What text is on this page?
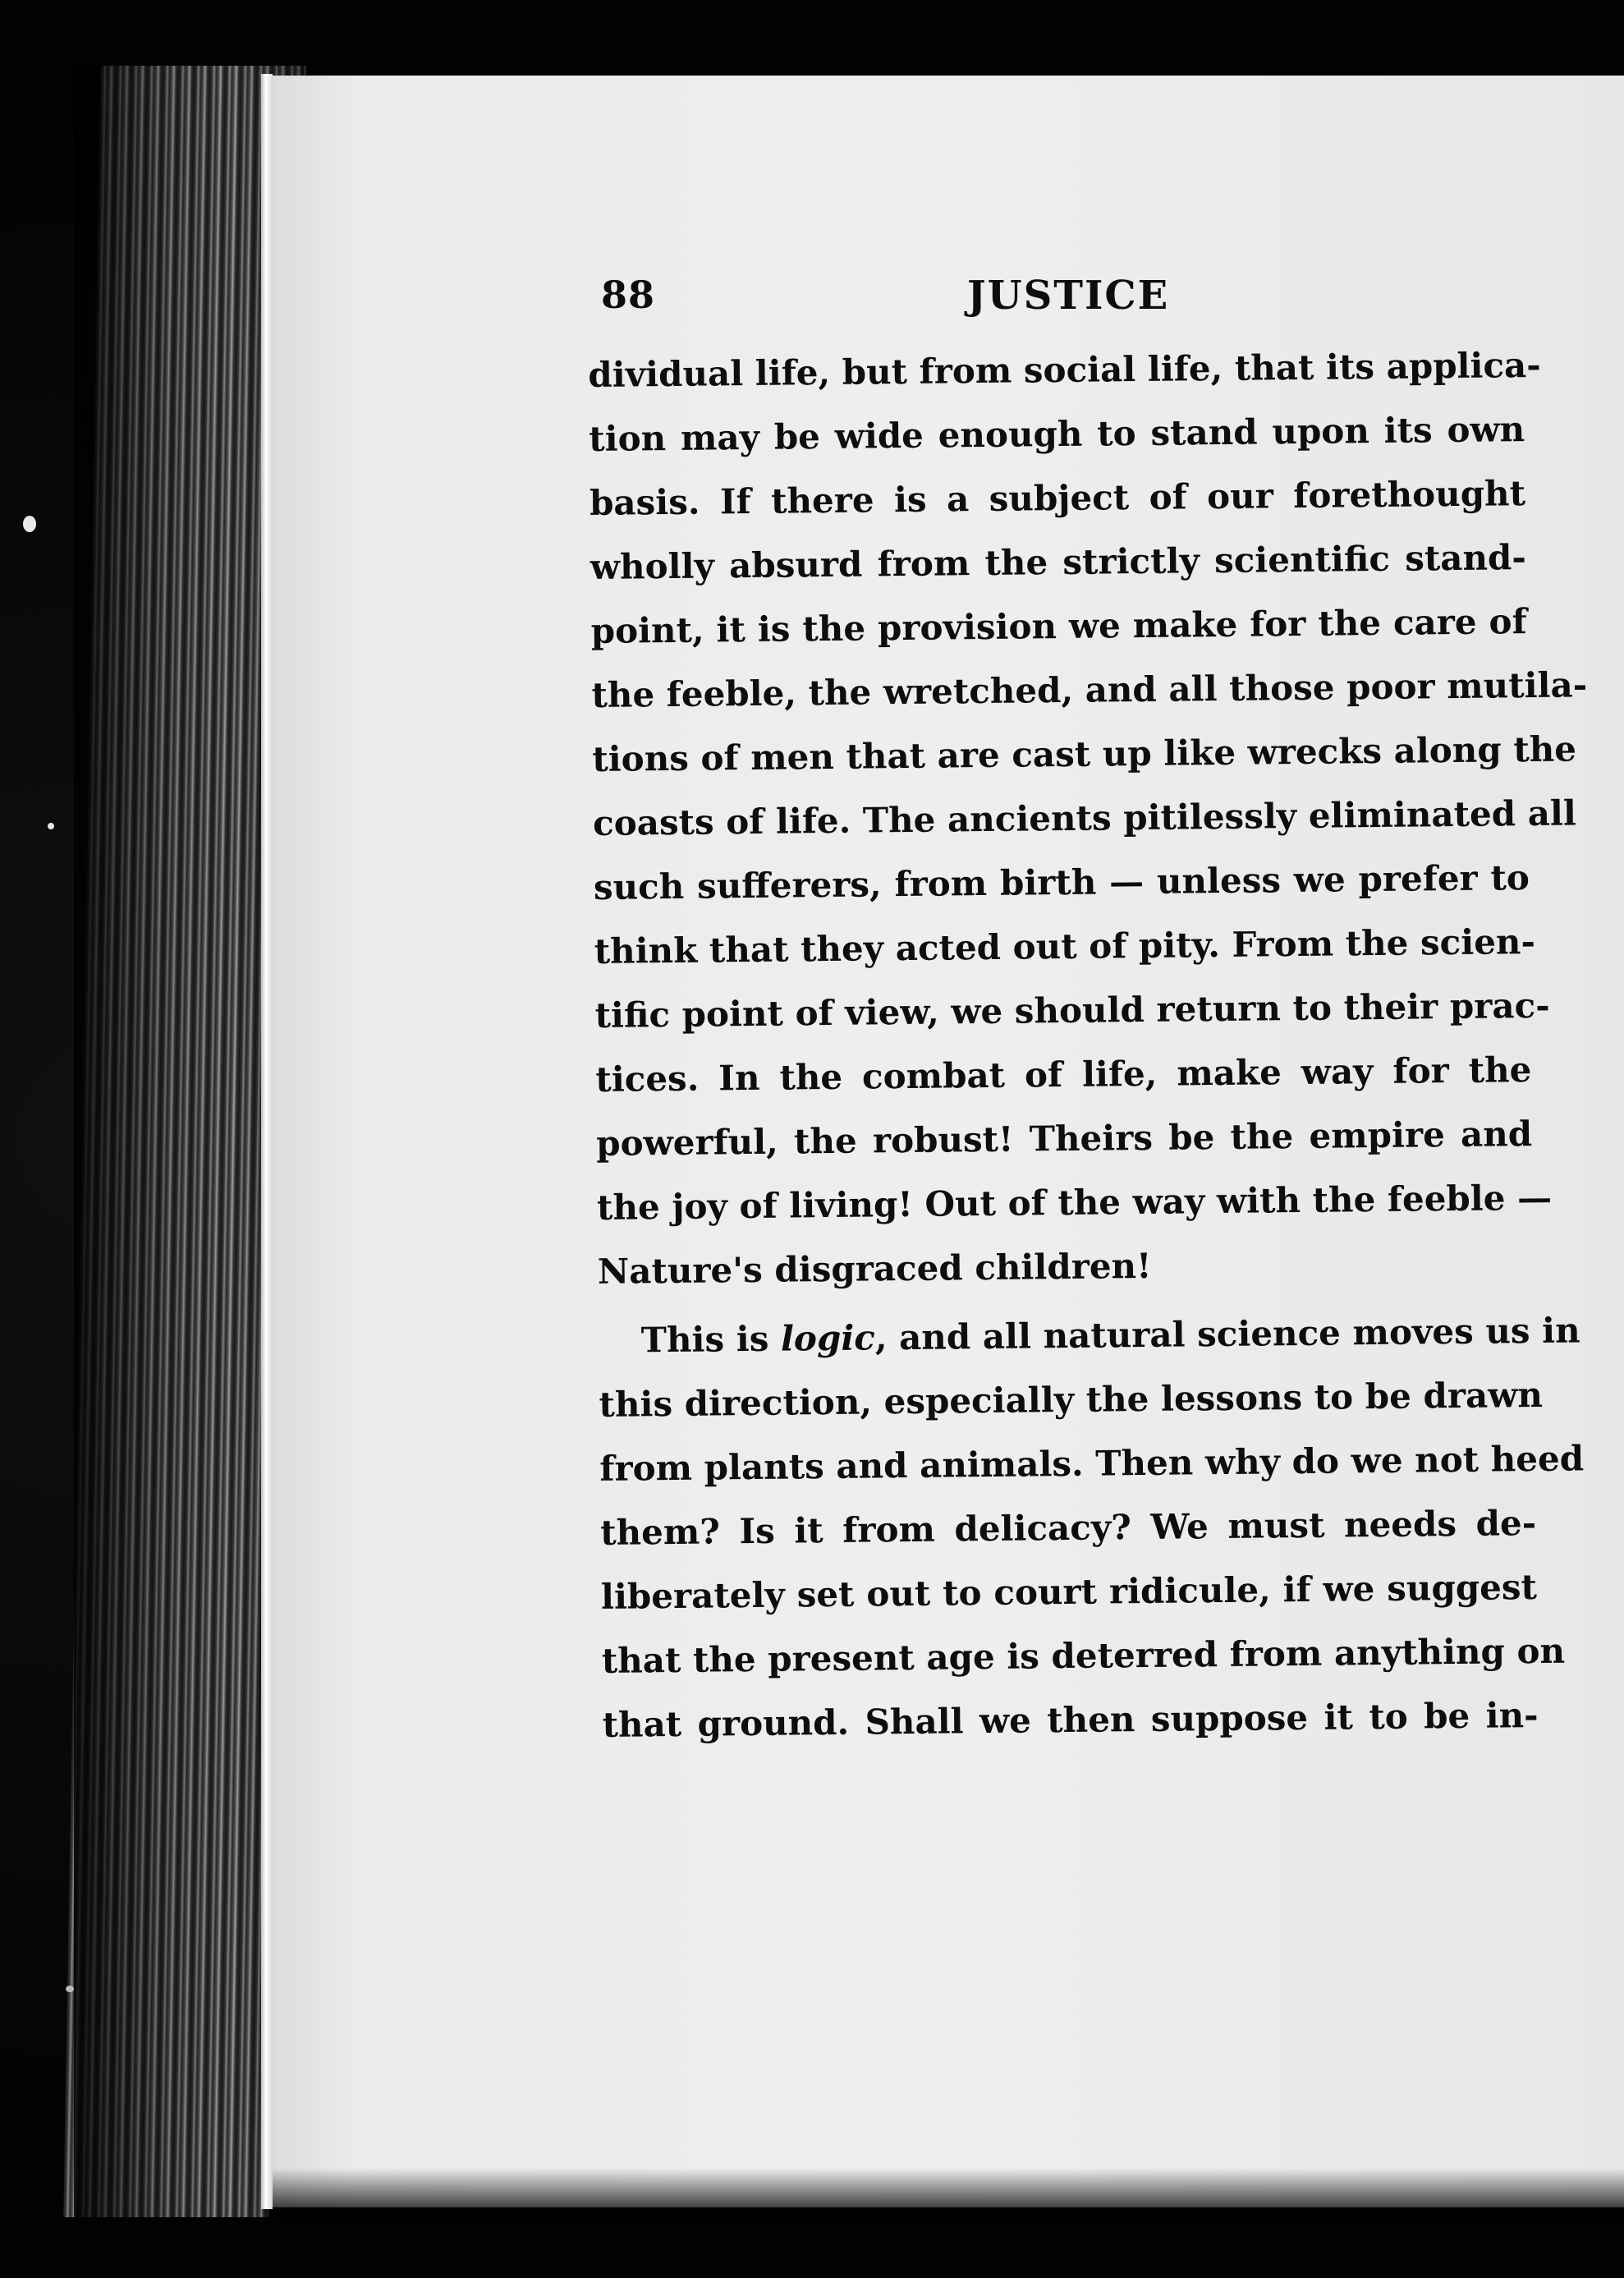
88	JUSTICE
dividual life, but from social life, that its applica-
tion may be wide enough to stand upon its own
basis. If there is a subject of our forethought
wholly absurd from the strictly scientific stand-
point, it is the provision we make for the care of
the feeble, the wretched, and all those poor mutila-
tions of men that are cast up like wrecks along the
coasts of life. The ancients pitilessly eliminated all
such sufferers, from birth — unless we prefer to
think that they acted out of pity. From the scien-
tific point of view, we should return to their prac-
tices. In the combat of life, make way for the
powerful, the robust! Theirs be the empire and
the joy of living! Out of the way with the feeble —
Nature's disgraced children!
This is logic, and all natural science moves us in
this direction, especially the lessons to be drawn
from plants and animals. Then why do we not heed
them? Is it from delicacy? We must needs de-
liberately set out to court ridicule, if we suggest
that the present age is deterred from anything on
that ground. Shall we then suppose it to be in-
